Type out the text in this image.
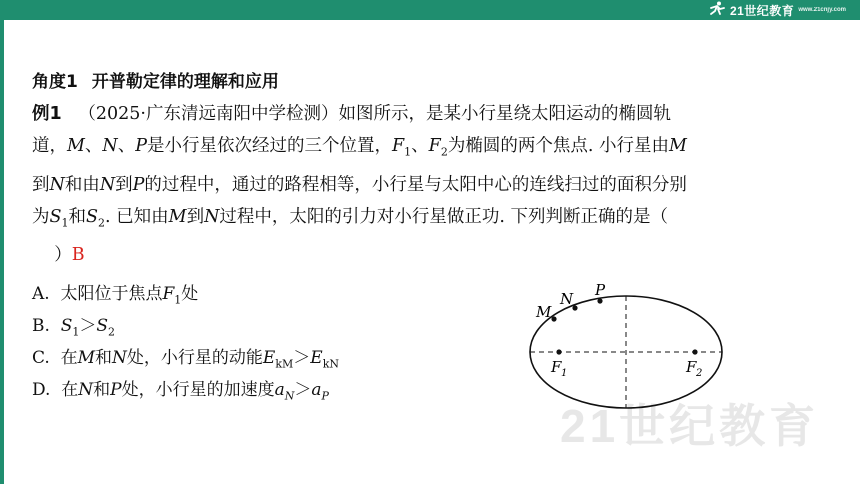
21世纪教育 www.21cnjy.com

角度1 开普勒定律的理解和应用

例1 （2025·广东清远南阳中学检测）如图所示，是某小行星绕太阳运动的椭圆轨
道，M、N、P是小行星依次经过的三个位置，$F_1$、$F_2$为椭圆的两个焦点. 小行星由M
到N和由N到P的过程中，通过的路程相等，小行星与太阳中心的连线扫过的面积分别
为$S_1$和$S_2$. 已知由M到N过程中，太阳的引力对小行星做正功. 下列判断正确的是（
）B

A. 太阳位于焦点$F_1$处
B. $S_1>S_2$
C. 在M和N处，小行星的动能$E_{kM}>E_{kN}$
D. 在N和P处，小行星的加速度$a_N>a_P$
21世纪教育
M
N P
F 1	F 2
